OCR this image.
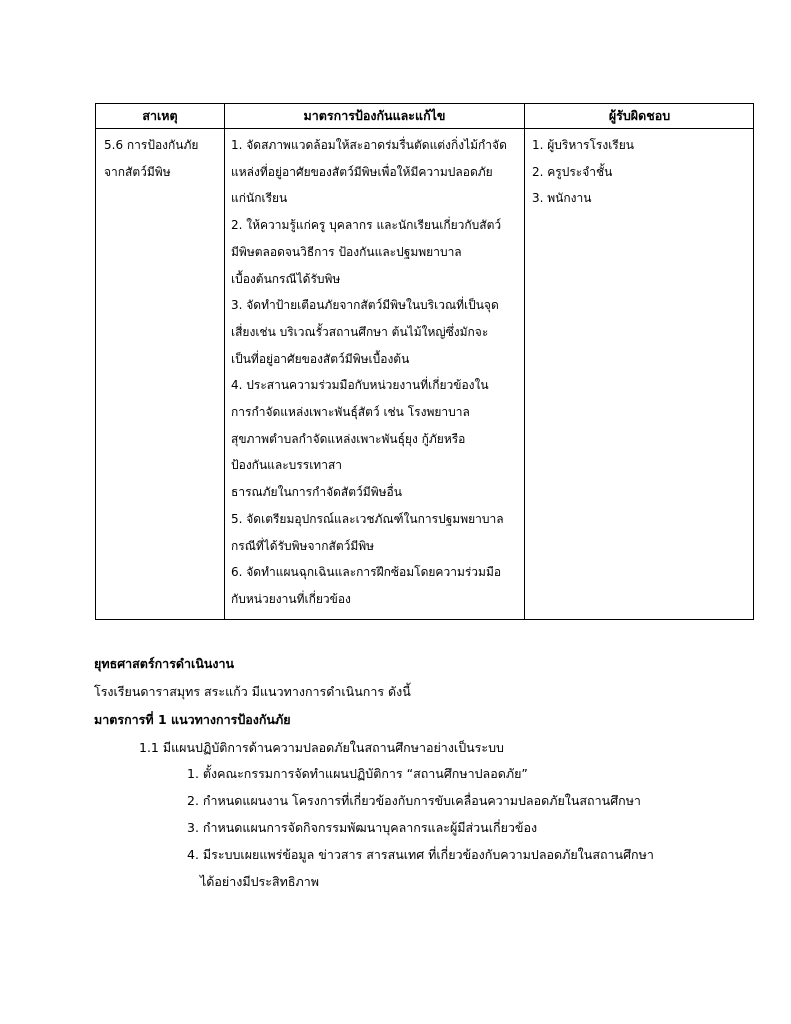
สาเหตุ	มาตรการป้องกันและแก้ไข	ผู้รับผิดชอบ
5.6 การป้องกันภัย
จากสัตว์มีพิษ
1. จัดสภาพแวดล้อมให้สะอาดร่มรื่นตัดแต่งกิ่งไม้กำจัด
แหล่งที่อยู่อาศัยของสัตว์มีพิษเพื่อให้มีความปลอดภัย
แก่นักเรียน
2. ให้ความรู้แก่ครู บุคลากร และนักเรียนเกี่ยวกับสัตว์
มีพิษตลอดจนวิธีการ ป้องกันและปฐมพยาบาล
เบื้องต้นกรณีได้รับพิษ
3. จัดทำป้ายเตือนภัยจากสัตว์มีพิษในบริเวณที่เป็นจุด
เสี่ยงเช่น บริเวณรั้วสถานศึกษา ต้นไม้ใหญ่ซึ่งมักจะ
เป็นที่อยู่อาศัยของสัตว์มีพิษเบื้องต้น
4. ประสานความร่วมมือกับหน่วยงานที่เกี่ยวข้องใน
การกำจัดแหล่งเพาะพันธุ์สัตว์ เช่น โรงพยาบาล
สุขภาพตำบลกำจัดแหล่งเพาะพันธุ์ยุง กู้ภัยหรือ
ป้องกันและบรรเทาสา
ธารณภัยในการกำจัดสัตว์มีพิษอื่น
5. จัดเตรียมอุปกรณ์และเวชภัณฑ์ในการปฐมพยาบาล
กรณีที่ได้รับพิษจากสัตว์มีพิษ
6. จัดทำแผนฉุกเฉินและการฝึกซ้อมโดยความร่วมมือ
กับหน่วยงานที่เกี่ยวข้อง
1. ผู้บริหารโรงเรียน
2. ครูประจำชั้น
3. พนักงาน
ยุทธศาสตร์การดำเนินงาน
โรงเรียนดาราสมุทร สระแก้ว มีแนวทางการดำเนินการ ดังนี้
มาตรการที่ 1 แนวทางการป้องกันภัย
1.1 มีแผนปฏิบัติการด้านความปลอดภัยในสถานศึกษาอย่างเป็นระบบ
1. ตั้งคณะกรรมการจัดทำแผนปฏิบัติการ “สถานศึกษาปลอดภัย”
2. กำหนดแผนงาน โครงการที่เกี่ยวข้องกับการขับเคลื่อนความปลอดภัยในสถานศึกษา
3. กำหนดแผนการจัดกิจกรรมพัฒนาบุคลากรและผู้มีส่วนเกี่ยวข้อง
4. มีระบบเผยแพร่ข้อมูล ข่าวสาร สารสนเทศ ที่เกี่ยวข้องกับความปลอดภัยในสถานศึกษา
ได้อย่างมีประสิทธิภาพ
